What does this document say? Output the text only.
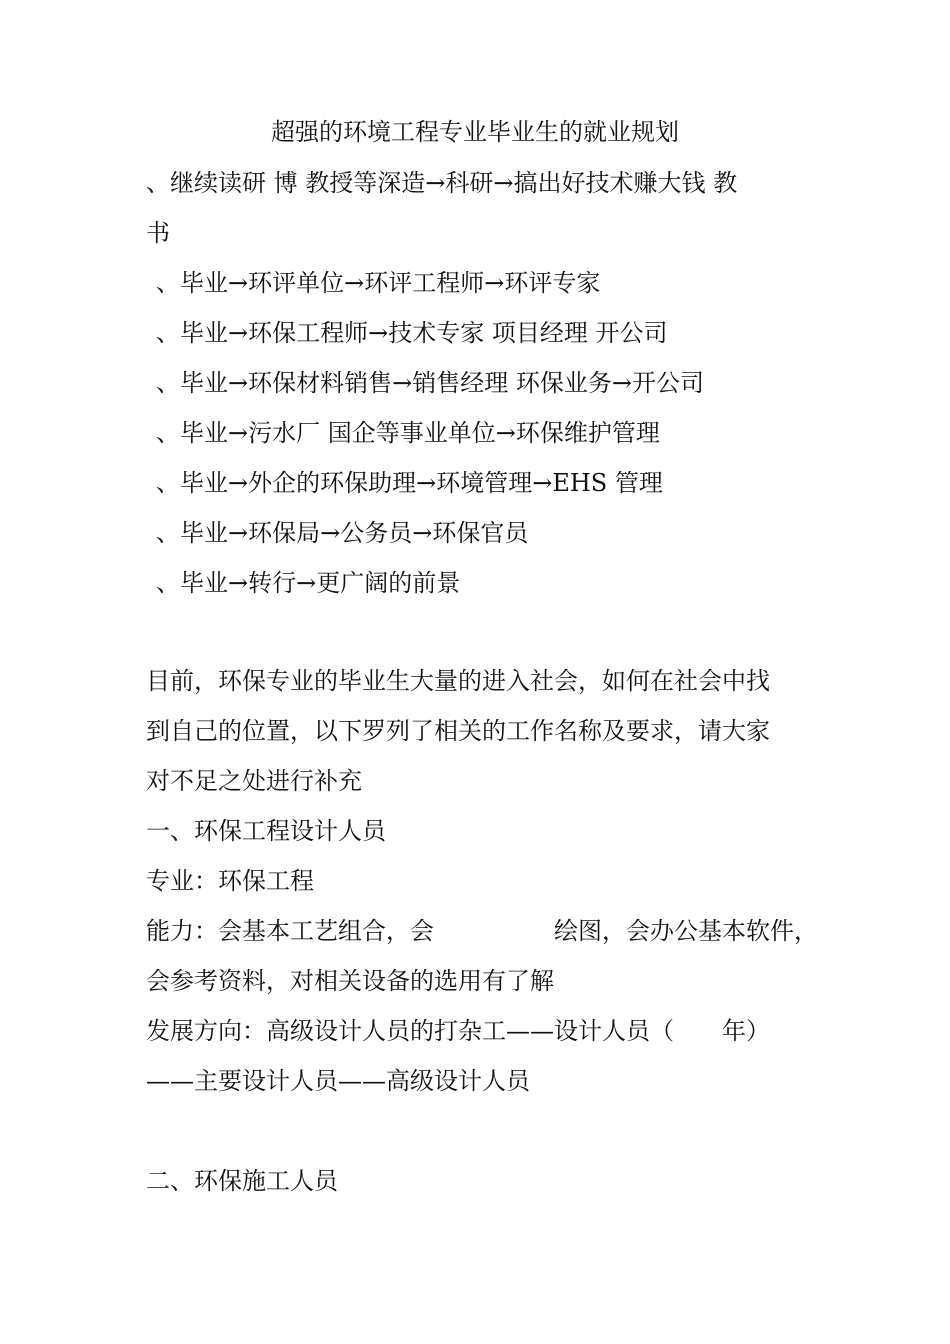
超强的环境工程专业毕业生的就业规划
、继续读研 博 教授等深造→科研→搞出好技术赚大钱 教
书
、毕业→环评单位→环评工程师→环评专家
、毕业→环保工程师→技术专家 项目经理 开公司
、毕业→环保材料销售→销售经理 环保业务→开公司
、毕业→污水厂 国企等事业单位→环保维护管理
、毕业→外企的环保助理→环境管理→EHS 管理
、毕业→环保局→公务员→环保官员
、毕业→转行→更广阔的前景
目前，环保专业的毕业生大量的进入社会，如何在社会中找
到自己的位置，以下罗列了相关的工作名称及要求，请大家
对不足之处进行补充
一、环保工程设计人员
专业：环保工程
能力：会基本工艺组合，会　　　　　绘图，会办公基本软件，
会参考资料，对相关设备的选用有了解
发展方向：高级设计人员的打杂工——设计人员（　　年）
——主要设计人员——高级设计人员
二、环保施工人员
